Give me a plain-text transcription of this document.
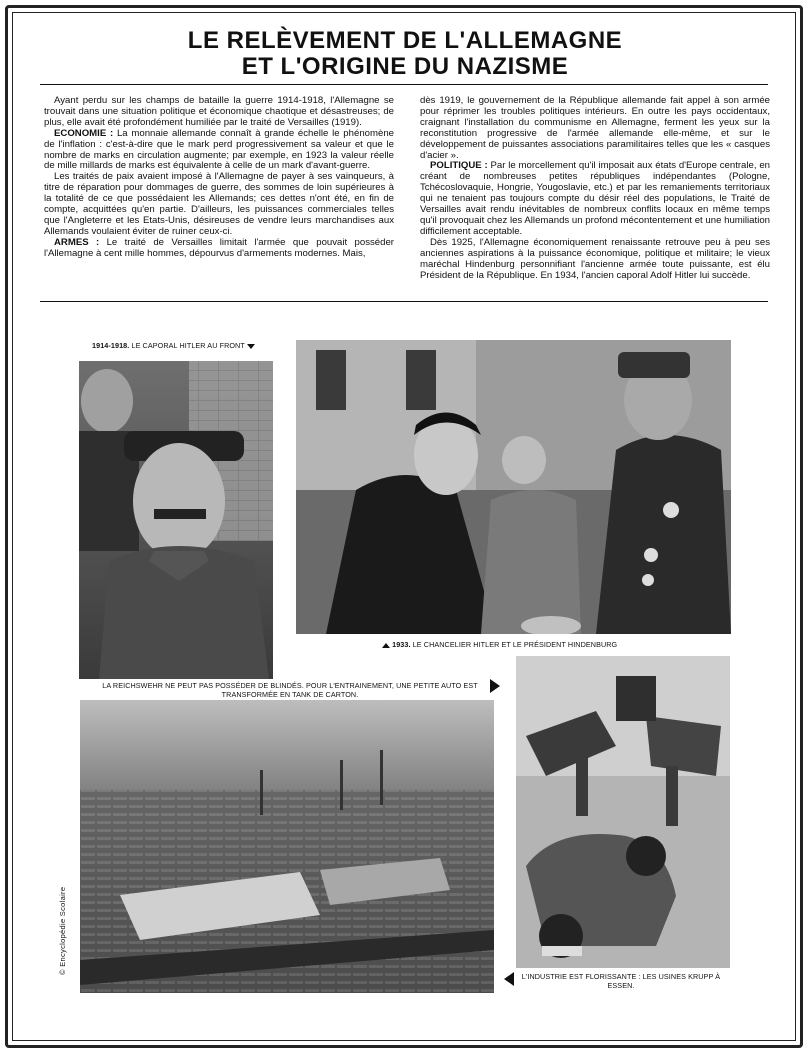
LE RELÈVEMENT DE L'ALLEMAGNE
ET L'ORIGINE DU NAZISME

Ayant perdu sur les champs de bataille la guerre 1914-1918, l'Allemagne se trouvait dans une situation politique et économique chaotique et désastreuses; de plus, elle avait été profondément humiliée par le traité de Versailles (1919).

ECONOMIE : La monnaie allemande connaît à grande échelle le phénomène de l'inflation : c'est-à-dire que le mark perd progressivement sa valeur et que le nombre de marks en circulation augmente; par exemple, en 1923 la valeur réelle de mille millards de marks est équivalente à celle de un mark d'avant-guerre.

Les traités de paix avaient imposé à l'Allemagne de payer à ses vainqueurs, à titre de réparation pour dommages de guerre, des sommes de loin supérieures à la totalité de ce que possédaient les Allemands; ces dettes n'ont été, en fin de compte, acquittées qu'en partie. D'ailleurs, les puissances commerciales telles que l'Angleterre et les Etats-Unis, désireuses de vendre leurs marchandises aux Allemands voulaient éviter de ruiner ceux-ci.

ARMES : Le traité de Versailles limitait l'armée que pouvait posséder l'Allemagne à cent mille hommes, dépourvus d'armements modernes. Mais,

dès 1919, le gouvernement de la République allemande fait appel à son armée pour réprimer les troubles politiques intérieurs. En outre les pays occidentaux, craignant l'installation du communisme en Allemagne, ferment les yeux sur la reconstitution progressive de l'armée allemande elle-même, et sur le développement de puissantes associations paramilitaires telles que les « casques d'acier ».

POLITIQUE : Par le morcellement qu'il imposait aux états d'Europe centrale, en créant de nombreuses petites républiques indépendantes (Pologne, Tchécoslovaquie, Hongrie, Yougoslavie, etc.) et par les remaniements territoriaux qui ne tenaient pas toujours compte du désir réel des populations, le Traité de Versailles avait rendu inévitables de nombreux conflits locaux en même temps qu'il provoquait chez les Allemands un profond mécontentement et une humiliation difficilement acceptable.

Dès 1925, l'Allemagne économiquement renaissante retrouve peu à peu ses anciennes aspirations à la puissance économique, politique et militaire; le vieux maréchal Hindenburg personnifiant l'ancienne armée toute puissante, est élu Président de la République. En 1934, l'ancien caporal Adolf Hitler lui succède.

1914-1918. LE CAPORAL HITLER AU FRONT
1933. LE CHANCELIER HITLER ET LE PRÉSIDENT HINDENBURG
LA REICHSWEHR NE PEUT PAS POSSÉDER DE BLINDÉS. POUR L'ENTRAINEMENT, UNE PETITE AUTO EST TRANSFORMÉE EN TANK DE CARTON.
© Encyclopédie Scolaire
L'INDUSTRIE EST FLORISSANTE : LES USINES KRUPP À ESSEN.
